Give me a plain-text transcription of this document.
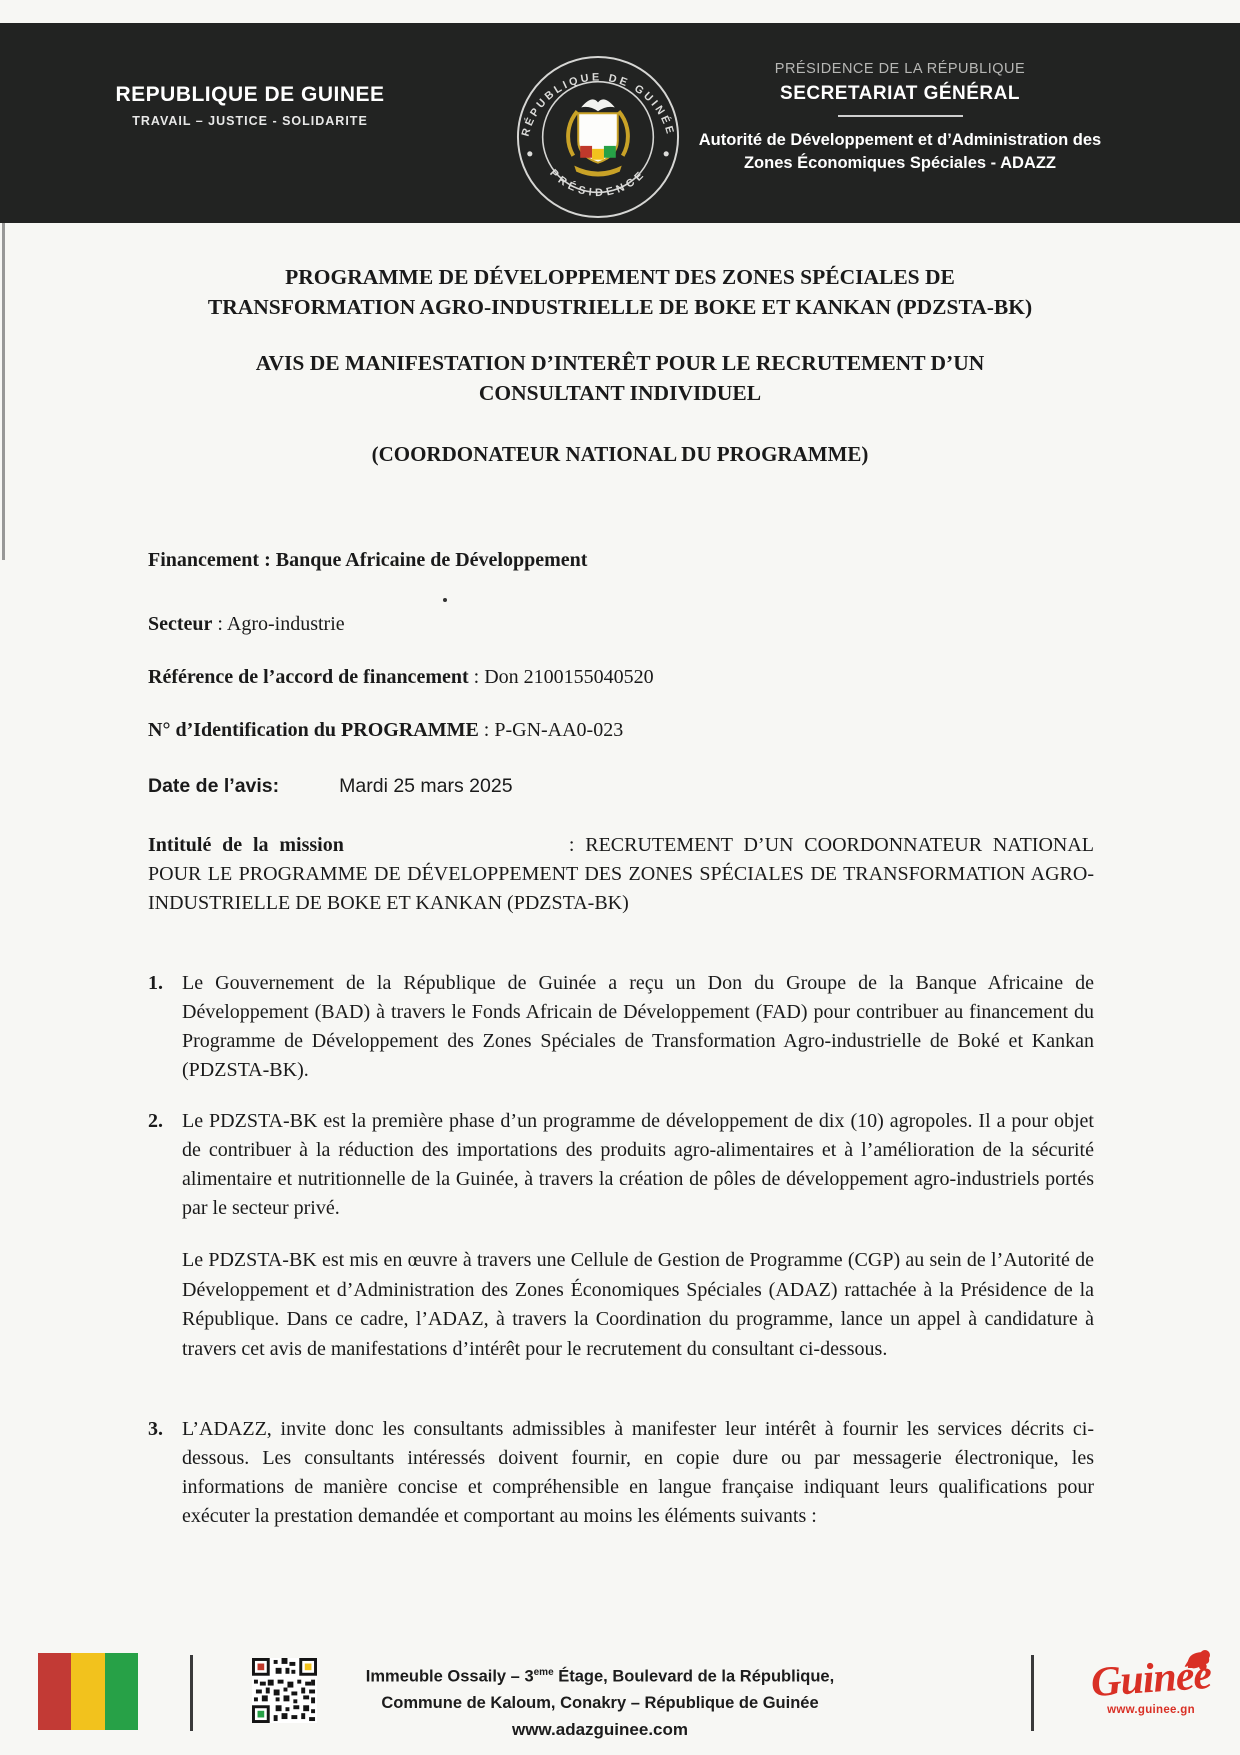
REPUBLIQUE DE GUINEE
TRAVAIL – JUSTICE - SOLIDARITE
RÉPUBLIQUE DE GUINÉE
PRÉSIDENCE
PRÉSIDENCE DE LA RÉPUBLIQUE
SECRETARIAT GÉNÉRAL
Autorité de Développement et d’Administration des
Zones Économiques Spéciales - ADAZZ
PROGRAMME DE DÉVELOPPEMENT DES ZONES SPÉCIALES DE
TRANSFORMATION AGRO-INDUSTRIELLE DE BOKE ET KANKAN (PDZSTA-BK)
AVIS DE MANIFESTATION D’INTERÊT POUR LE RECRUTEMENT D’UN
CONSULTANT INDIVIDUEL
(COORDONATEUR NATIONAL DU PROGRAMME)
Financement : Banque Africaine de Développement
Secteur : Agro-industrie
Référence de l’accord de financement : Don 2100155040520
N° d’Identification du PROGRAMME : P-GN-AA0-023
Date de l’avis:	Mardi 25 mars 2025
Intitulé de la mission	: RECRUTEMENT D’UN COORDONNATEUR NATIONAL POUR LE PROGRAMME DE DÉVELOPPEMENT DES ZONES SPÉCIALES DE TRANSFORMATION AGRO-INDUSTRIELLE DE BOKE ET KANKAN (PDZSTA-BK)
1. Le Gouvernement de la République de Guinée a reçu un Don du Groupe de la Banque Africaine de Développement (BAD) à travers le Fonds Africain de Développement (FAD) pour contribuer au financement du Programme de Développement des Zones Spéciales de Transformation Agro-industrielle de Boké et Kankan (PDZSTA-BK).
2. Le PDZSTA-BK est la première phase d’un programme de développement de dix (10) agropoles. Il a pour objet de contribuer à la réduction des importations des produits agro-alimentaires et à l’amélioration de la sécurité alimentaire et nutritionnelle de la Guinée, à travers la création de pôles de développement agro-industriels portés par le secteur privé.
Le PDZSTA-BK est mis en œuvre à travers une Cellule de Gestion de Programme (CGP) au sein de l’Autorité de Développement et d’Administration des Zones Économiques Spéciales (ADAZ) rattachée à la Présidence de la République. Dans ce cadre, l’ADAZ, à travers la Coordination du programme, lance un appel à candidature à travers cet avis de manifestations d’intérêt pour le recrutement du consultant ci-dessous.
3. L’ADAZZ, invite donc les consultants admissibles à manifester leur intérêt à fournir les services décrits ci-dessous. Les consultants intéressés doivent fournir, en copie dure ou par messagerie électronique, les informations de manière concise et compréhensible en langue française indiquant leurs qualifications pour exécuter la prestation demandée et comportant au moins les éléments suivants :
Immeuble Ossaily – 3eme Étage, Boulevard de la République,
Commune de Kaloum, Conakry – République de Guinée
www.adazguinee.com
Guinée
www.guinee.gn
